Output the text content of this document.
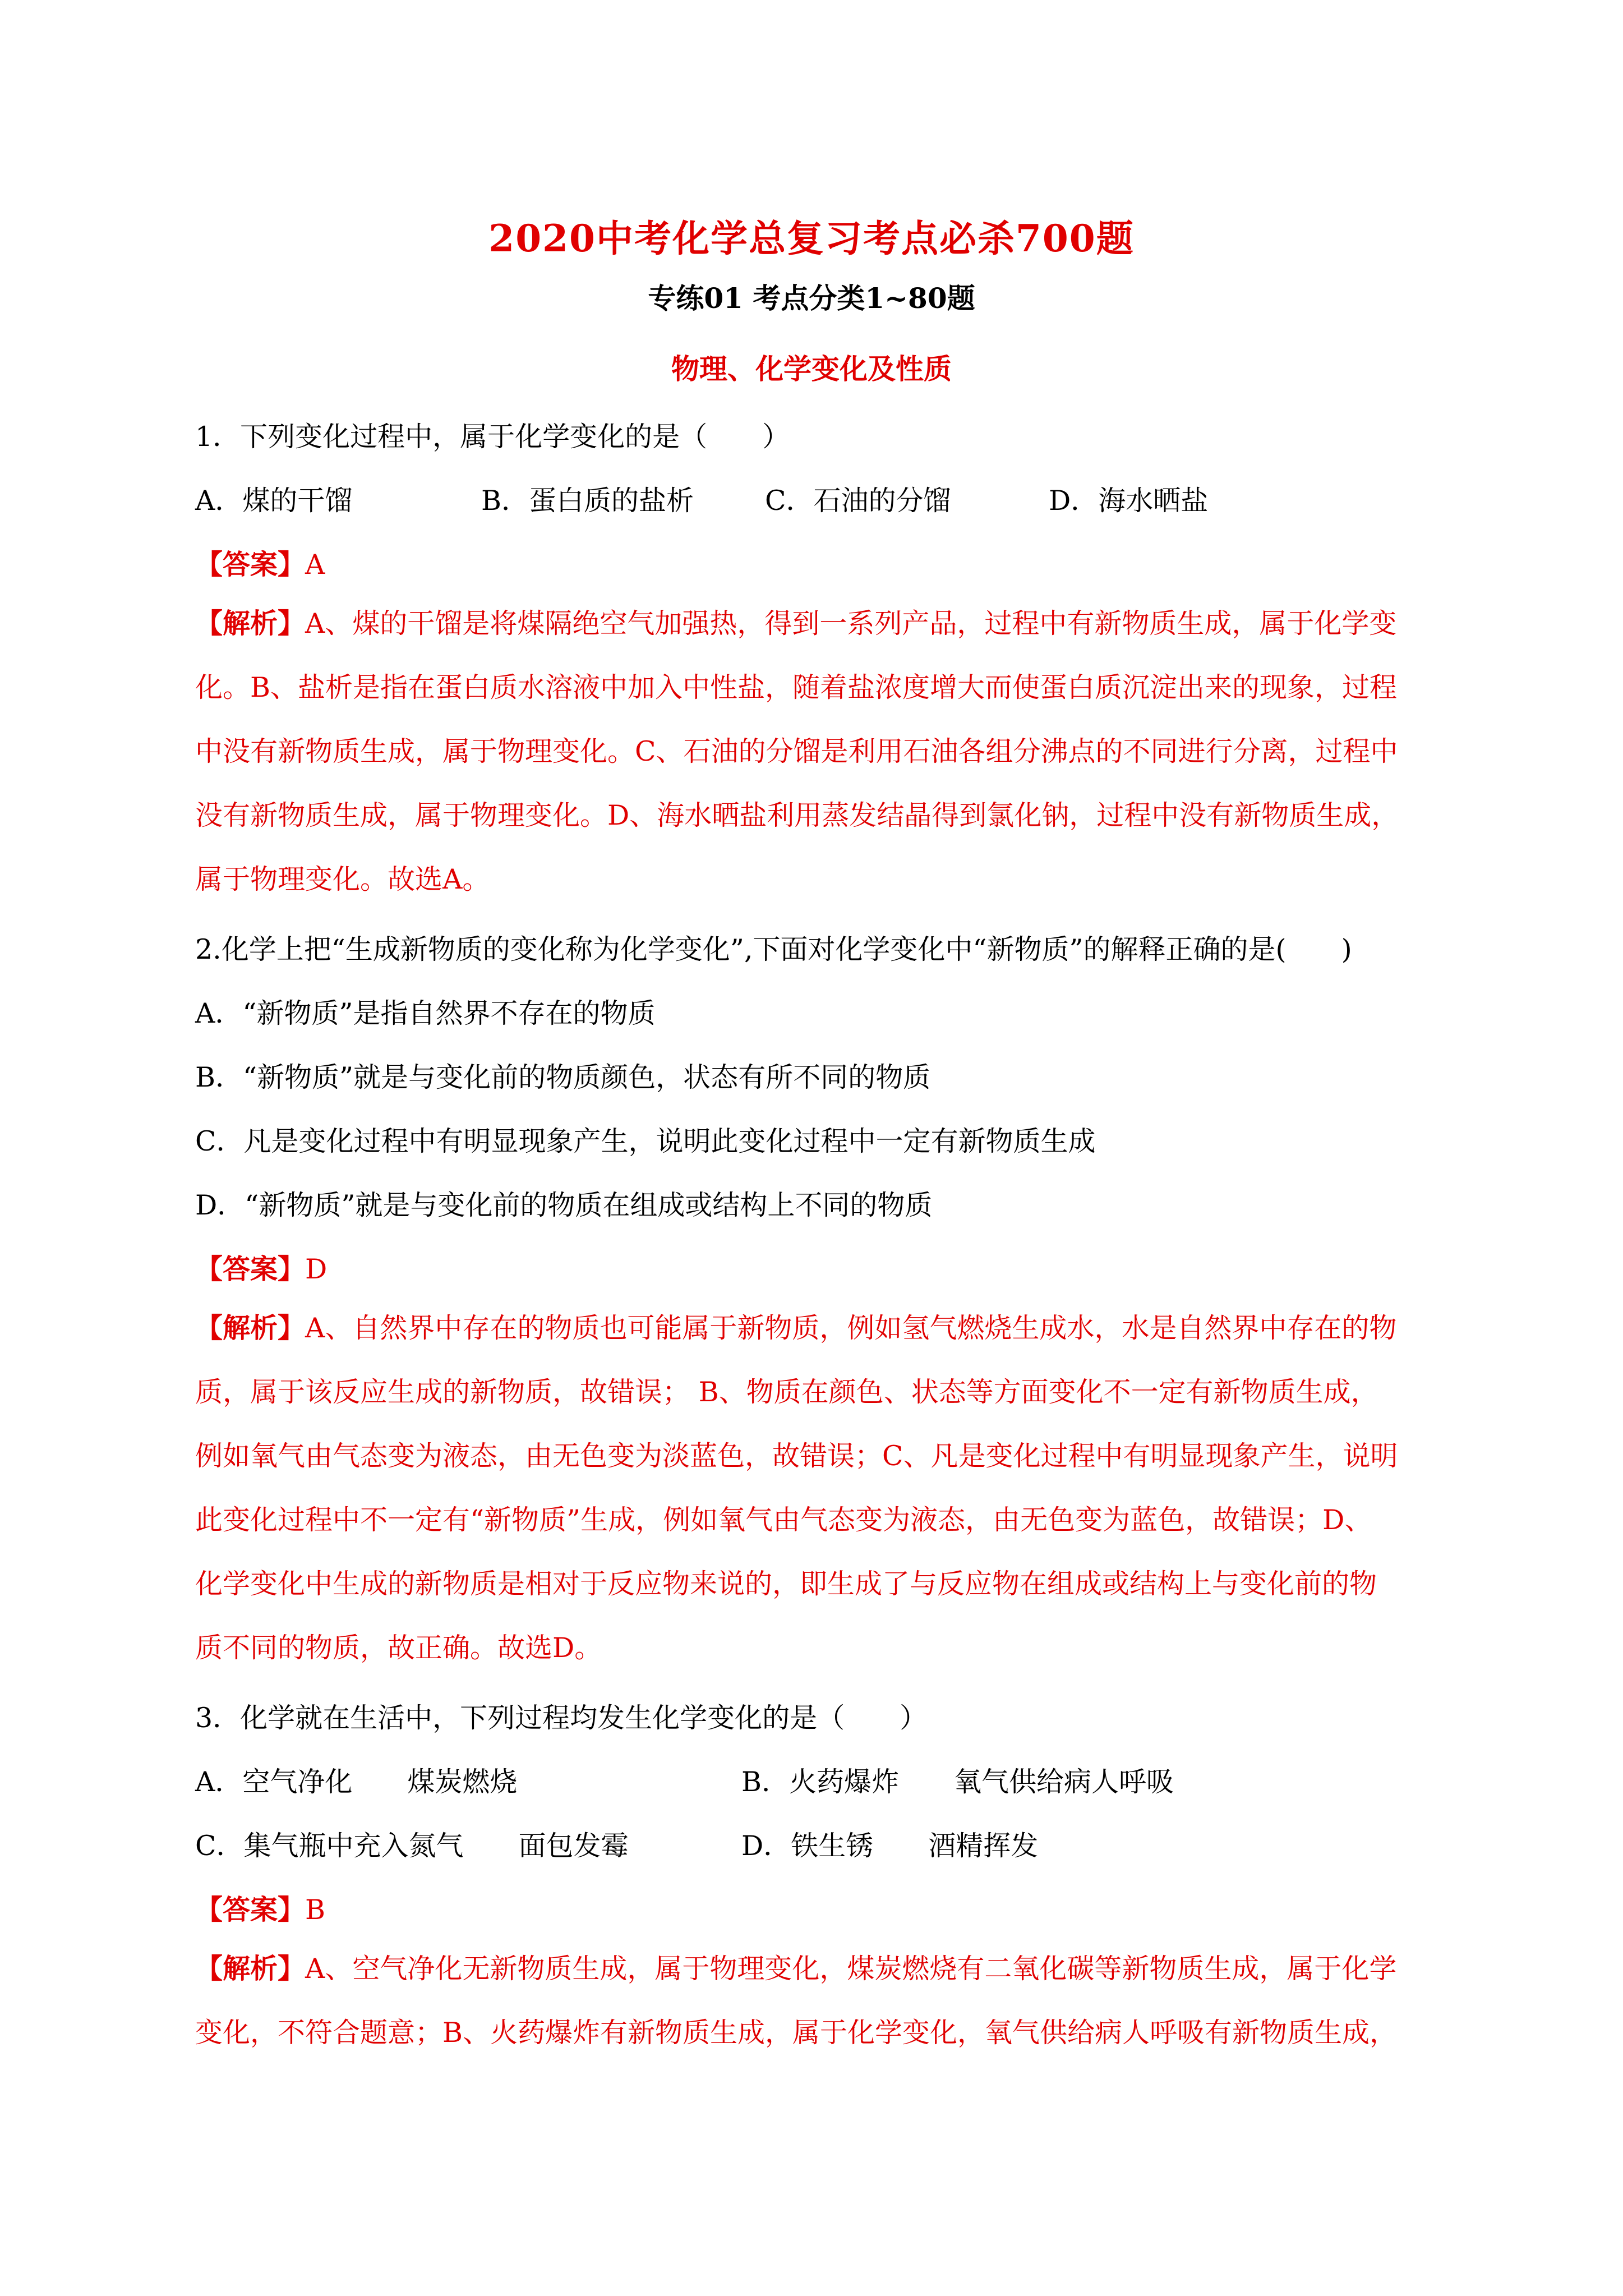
2020中考化学总复习考点必杀700题
专练01 考点分类1~80题
物理、化学变化及性质
1．下列变化过程中，属于化学变化的是（　　）
A．煤的干馏	B．蛋白质的盐析	C．石油的分馏	D．海水晒盐
【答案】A

【解析】A、煤的干馏是将煤隔绝空气加强热，得到一系列产品，过程中有新物质生成，属于化学变

化。B、盐析是指在蛋白质水溶液中加入中性盐，随着盐浓度增大而使蛋白质沉淀出来的现象，过程

中没有新物质生成，属于物理变化。C、石油的分馏是利用石油各组分沸点的不同进行分离，过程中

没有新物质生成，属于物理变化。D、海水晒盐利用蒸发结晶得到氯化钠，过程中没有新物质生成，

属于物理变化。故选A。

2.化学上把“生成新物质的变化称为化学变化”,下面对化学变化中“新物质”的解释正确的是(　　)
A．“新物质”是指自然界不存在的物质
B．“新物质”就是与变化前的物质颜色，状态有所不同的物质
C．凡是变化过程中有明显现象产生，说明此变化过程中一定有新物质生成
D．“新物质”就是与变化前的物质在组成或结构上不同的物质
【答案】D

【解析】A、自然界中存在的物质也可能属于新物质，例如氢气燃烧生成水，水是自然界中存在的物

质，属于该反应生成的新物质，故错误； B、物质在颜色、状态等方面变化不一定有新物质生成，

例如氧气由气态变为液态，由无色变为淡蓝色，故错误；C、凡是变化过程中有明显现象产生，说明

此变化过程中不一定有“新物质”生成，例如氧气由气态变为液态，由无色变为蓝色，故错误；D、

化学变化中生成的新物质是相对于反应物来说的，即生成了与反应物在组成或结构上与变化前的物

质不同的物质，故正确。故选D。

3．化学就在生活中，下列过程均发生化学变化的是（　　）
A．空气净化　　煤炭燃烧	B．火药爆炸　　氧气供给病人呼吸
C．集气瓶中充入氮气　　面包发霉	D．铁生锈　　酒精挥发
【答案】B

【解析】A、空气净化无新物质生成，属于物理变化，煤炭燃烧有二氧化碳等新物质生成，属于化学

变化，不符合题意；B、火药爆炸有新物质生成，属于化学变化，氧气供给病人呼吸有新物质生成，
